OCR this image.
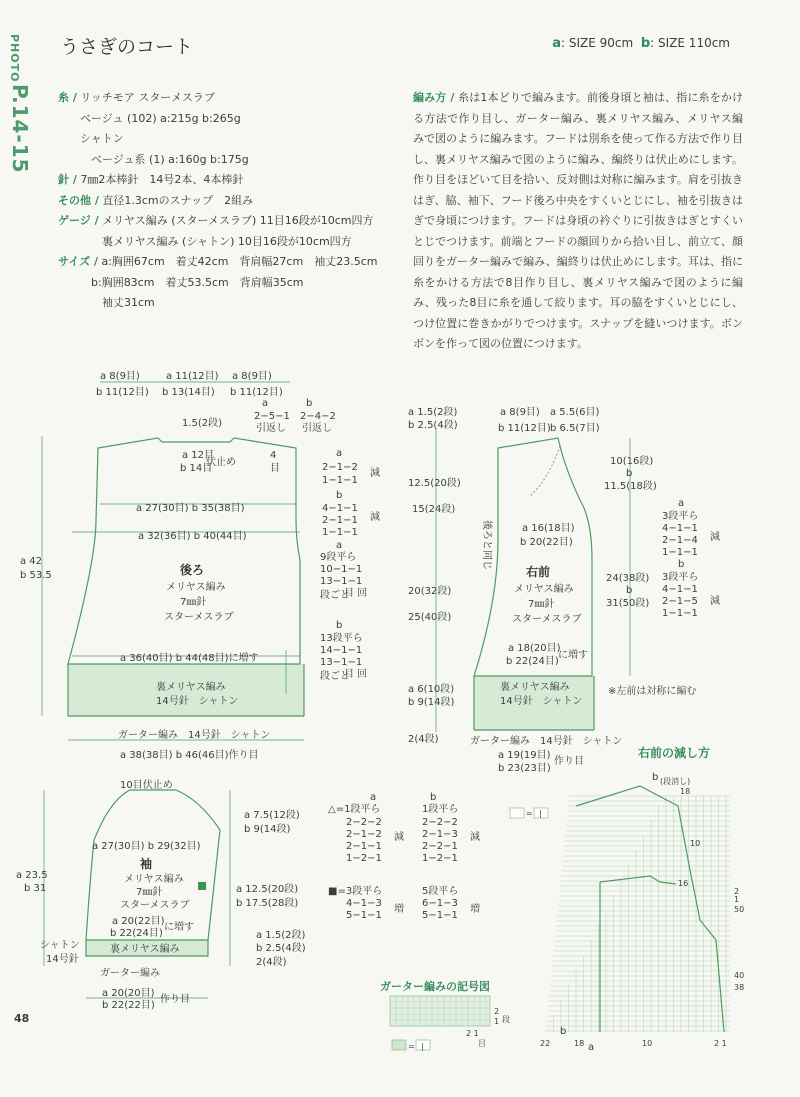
PHOTO
P.14-15
うさぎのコート	a: SIZE 90cm b: SIZE 110cm
糸 / リッチモア スターメスラブ
　　ベージュ (102) a:215g b:265g
　　シャトン
　　　ベージュ系 (1) a:160g b:175g
針 / 7㎜2本棒針　14号2本、4本棒針
その他 / 直径1.3cmのスナップ　2組み
ゲージ / メリヤス編み (スターメスラブ) 11目16段が10cm四方
　　　　裏メリヤス編み (シャトン) 10目16段が10cm四方
サイズ / a:胸囲67cm　着丈42cm　背肩幅27cm　袖丈23.5cm
　　　b:胸囲83cm　着丈53.5cm　背肩幅35cm
　　　　袖丈31cm
編み方 / 糸は1本どりで編みます。前後身頃と袖は、指に糸をかける方法で作り目し、ガーター編み、裏メリヤス編み、メリヤス編みで図のように編みます。フードは別糸を使って作る方法で作り目し、裏メリヤス編みで図のように編み、編終りは伏止めにします。作り目をほどいて目を拾い、反対側は対称に編みます。肩を引抜きはぎ、脇、袖下、フード後ろ中央をすくいとじにし、袖を引抜きはぎで身頃につけます。フードは身頃の衿ぐりに引抜きはぎとすくいとじでつけます。前端とフードの顔回りから拾い目し、前立て、顔回りをガーター編みで編み、編終りは伏止めにします。耳は、指に糸をかける方法で8目作り目し、裏メリヤス編みで図のように編み、残った8目に糸を通して絞ります。耳の脇をすくいとじにし、つけ位置に巻きかがりでつけます。スナップを縫いつけます。ボンボンを作って図の位置につけます。
a 8(9目)
b 11(12目)
a 11(12目)
b 13(14目)
a 8(9目)
b 11(12目)
1.5(2段)
a
2−5−1
引返し
b
2−4−2
引返し
a 12目
b 14目
伏止め
4
目
a
2−1−2
1−1−1
減
b
4−1−1
2−1−1
1−1−1
減
a 27(30目) b 35(38目)
a 32(36目) b 40(44目)
後ろ
メリヤス編み
7㎜針
スターメスラブ
a
9段平ら
10−1−1
13−1−1
目 回
段ごと
b
13段平ら
14−1−1
13−1−1
目 回
段ごと
a 36(40目) b 44(48目)に増す
裏メリヤス編み
14号針　シャトン
ガーター編み　14号針　シャトン
a 38(38目) b 46(46目)作り目
a 42
b 53.5
a 1.5(2段)
b 2.5(4段)
12.5(20段)
15(24段)
20(32段)
25(40段)
a 6(10段)
b 9(14段)
2(4段)
a 8(9目)
b 11(12目)
a 5.5(6目)
b 6.5(7目)
10(16段)
b
11.5(18段)
24(38段)
b
31(50段)
a
3段平ら
4−1−1
2−1−4
1−1−1
減
b
3段平ら
4−1−1
2−1−5
1−1−1
減
後ろと同じ	a 16(18目)
b 20(22目)
右前
メリヤス編み
7㎜針
スターメスラブ
a 18(20目)
b 22(24目)
に増す
裏メリヤス編み
14号針　シャトン
ガーター編み　14号針　シャトン
a 19(19目)
b 23(23目)
作り目
※左前は対称に編む
10目伏止め
a 7.5(12段)
b 9(14段)
a 27(30目) b 29(32目)
袖
メリヤス編み
7㎜針
スターメスラブ
a 12.5(20段)
b 17.5(28段)
a 20(22目)
b 22(24目)
に増す
裏メリヤス編み
シャトン
14号針
ガーター編み
a 1.5(2段)
b 2.5(4段)
2(4段)
a 20(20目)
b 22(22目)
作り目
a 23.5
b 31
△=1段平ら
a
2−2−2
2−1−2
2−1−1
1−2−1
減
b
1段平ら
2−2−2
2−1−3
2−2−1
1−2−1
減
■=3段平ら
4−1−3
5−1−1
増
5段平ら
6−1−3
5−1−1
増
2
1 段
2 1
目
= |
b (段消し)
18
10
16
2
1
50
40
38
22
b
18 a	10	2 1
= |
ガーター編みの記号図
右前の減し方
48
